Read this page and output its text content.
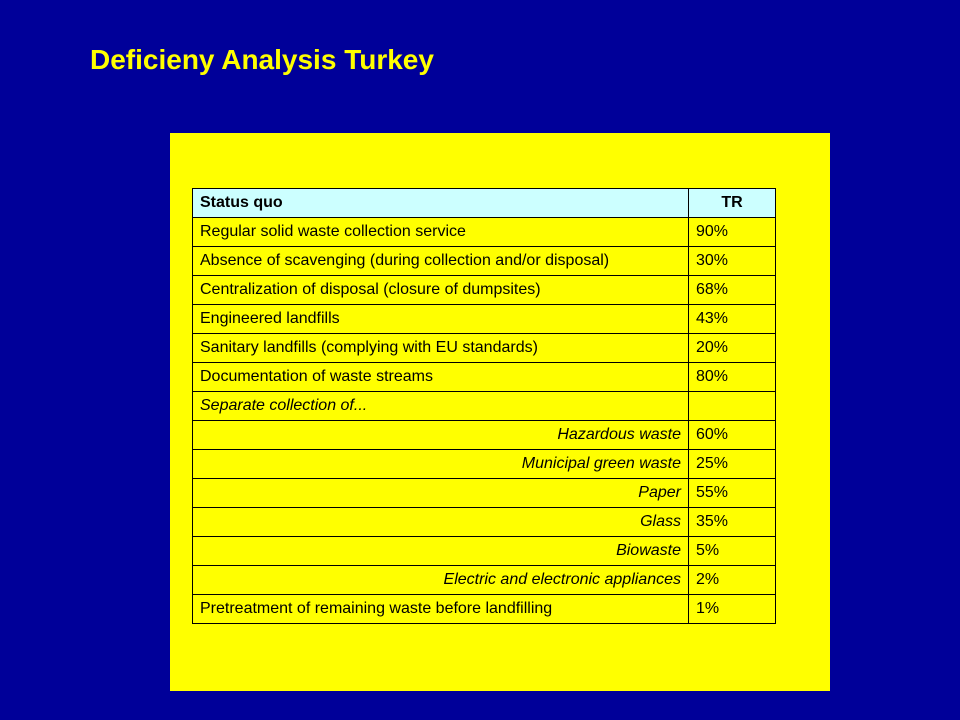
Deficieny Analysis Turkey
Status quo	TR
Regular solid waste collection service	90%
Absence of scavenging (during collection and/or disposal)	30%
Centralization of disposal (closure of dumpsites)	68%
Engineered landfills	43%
Sanitary landfills (complying with EU standards)	20%
Documentation of waste streams	80%
Separate collection of...	
Hazardous waste	60%
Municipal green waste	25%
Paper	55%
Glass	35%
Biowaste	5%
Electric and electronic appliances	2%
Pretreatment of remaining waste before landfilling	1%
